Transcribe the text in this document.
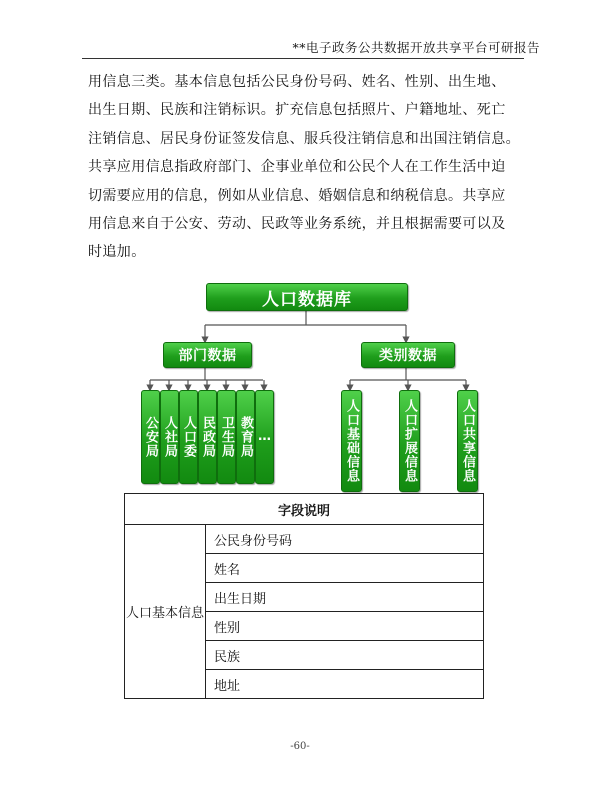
**电子政务公共数据开放共享平台可研报告
用信息三类。基本信息包括公民身份号码、姓名、性别、出生地、
出生日期、民族和注销标识。扩充信息包括照片、户籍地址、死亡
注销信息、居民身份证签发信息、服兵役注销信息和出国注销信息。
共享应用信息指政府部门、企事业单位和公民个人在工作生活中迫
切需要应用的信息，例如从业信息、婚姻信息和纳税信息。共享应
用信息来自于公安、劳动、民政等业务系统，并且根据需要可以及
时追加。
人口数据库
部门数据	类别数据
公安局 人社局 人口委 民政局 卫生局 教育局 …	人口基础信息	人口扩展信息	人口共享信息
字段说明
人口基本信息	公民身份号码
姓名
出生日期
性别
民族
地址
-60-
